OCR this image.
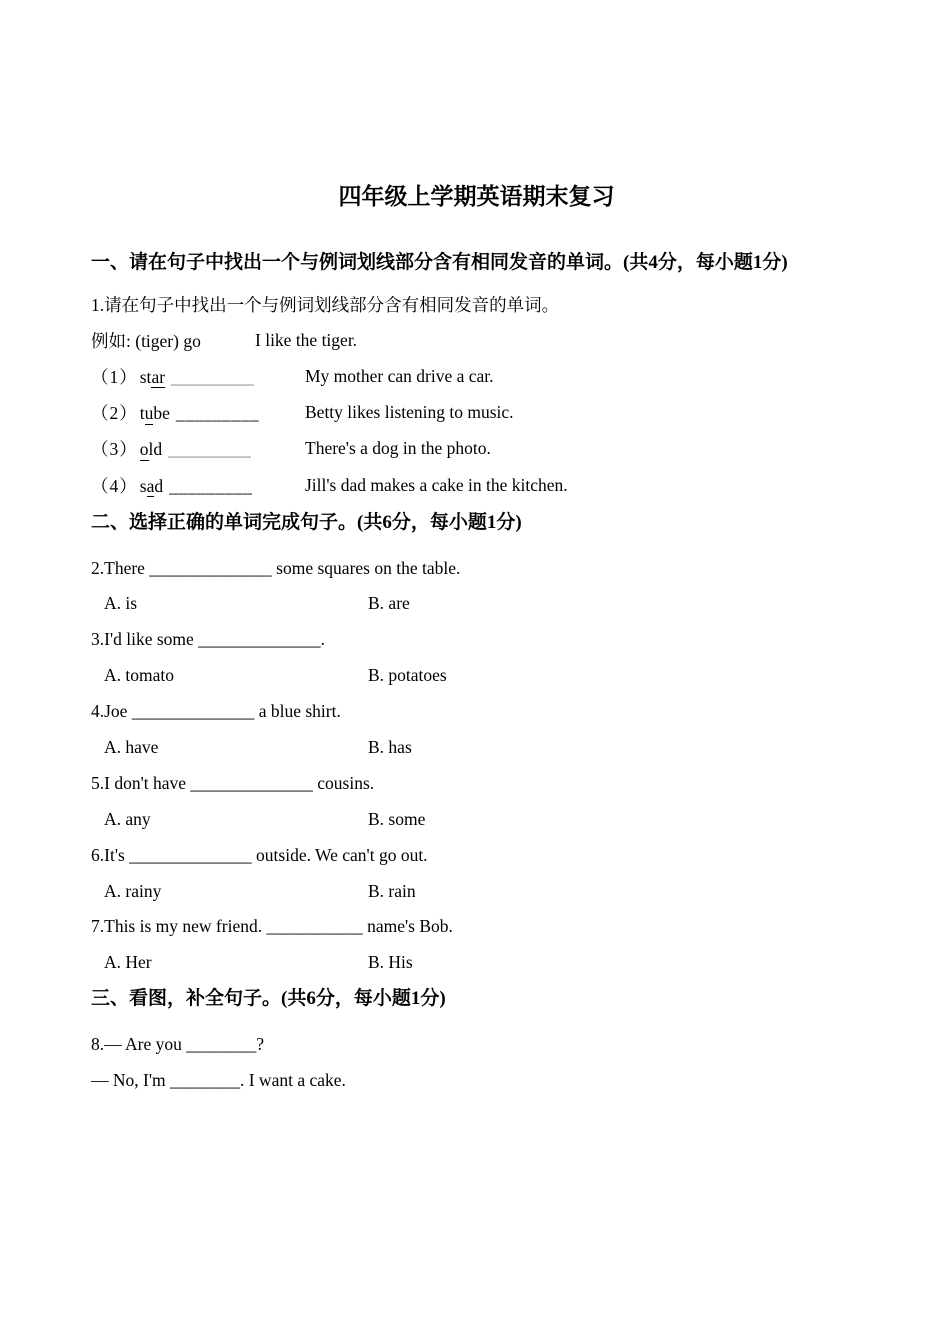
四年级上学期英语期末复习
一、请在句子中找出一个与例词划线部分含有相同发音的单词。(共4分，每小题1分)
1.请在句子中找出一个与例词划线部分含有相同发音的单词。
例如: (tiger) go	I like the tiger.
（1） star _________	My mother can drive a car.
（2） tube _________	Betty likes listening to music.
（3） old _________	There's a dog in the photo.
（4） sad _________	Jill's dad makes a cake in the kitchen.
二、选择正确的单词完成句子。(共6分，每小题1分)
2.There ______________ some squares on the table.
A. is	B. are
3.I'd like some ______________.
A. tomato	B. potatoes
4.Joe ______________ a blue shirt.
A. have	B. has
5.I don't have ______________ cousins.
A. any	B. some
6.It's ______________ outside. We can't go out.
A. rainy	B. rain
7.This is my new friend. ___________ name's Bob.
A. Her	B. His
三、看图，补全句子。(共6分，每小题1分)
8.— Are you ________?
— No, I'm ________. I want a cake.
